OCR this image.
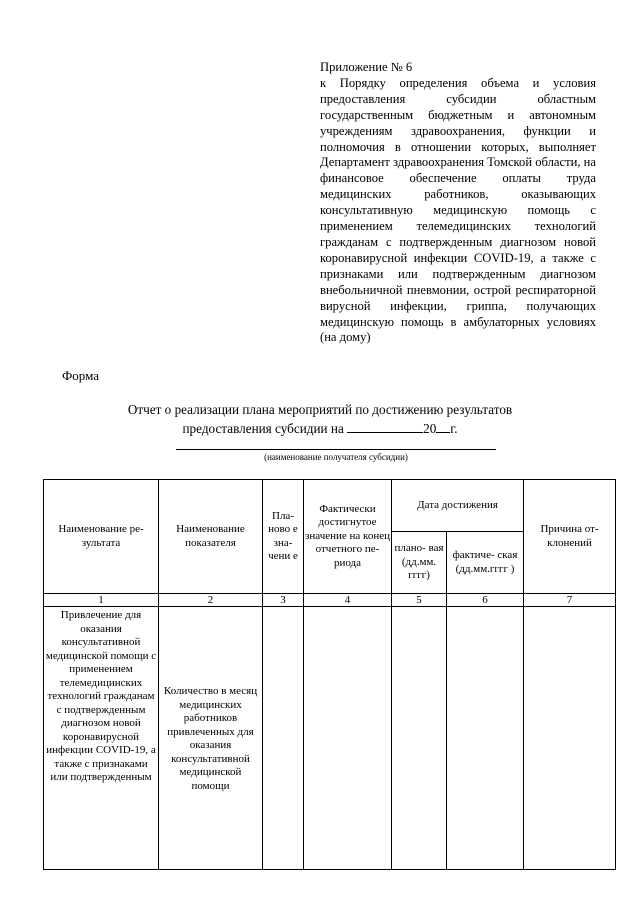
Приложение № 6
к Порядку определения объема и условия предоставления субсидии областным государственным бюджетным и автономным учреждениям здравоохранения, функции и полномочия в отношении которых, выполняет Департамент здравоохранения Томской области, на финансовое обеспечение оплаты труда медицинских работников, оказывающих консультативную медицинскую помощь с применением телемедицинских технологий гражданам с подтвержденным диагнозом новой коронавирусной инфекции COVID-19, а также с признаками или подтвержденным диагнозом внебольничной пневмонии, острой респираторной вирусной инфекции, гриппа, получающих медицинскую помощь в амбулаторных условиях (на дому)
Форма
Отчет о реализации плана мероприятий по достижению результатов
предоставления субсидии на	20 г.
(наименование получателя субсидии)
Наименование ре- зультата	Наименование показателя	Пла- ново е зна- чени е	Фактически достигнутое значение на конец отчетного пе- риода	Дата достижения		Причина от- клонений
				плано- вая (дд.мм. гггг)	фактиче- ская (дд.мм.гггг )	
1	2	3	4	5	6	7
Привлечение для оказания консультативной медицинской помощи с применением телемедицинских технологий гражданам с подтвержденным диагнозом новой коронавирусной инфекции COVID-19, а также с признаками или подтвержденным	Количество в месяц медицинских работников привлеченных для оказания консультативной медицинской помощи					
